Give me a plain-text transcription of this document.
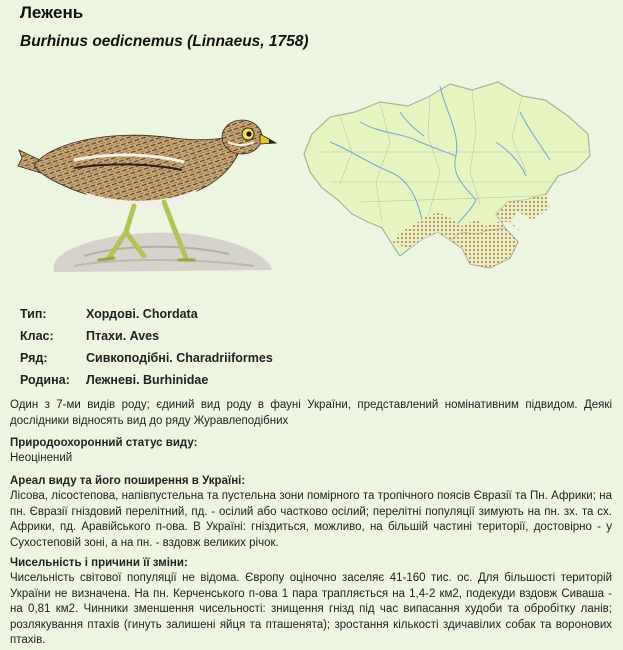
Лежень
Burhinus oedicnemus (Linnaeus, 1758)
Тип:	Хордові. Chordata
Клас:	Птахи. Aves
Ряд:	Сивкоподібні. Charadriiformes
Родина:	Лежневі. Burhinidae
Один з 7-ми видів роду; єдиний вид роду в фауні України, представлений номінативним підвидом. Деякі дослідники відносять вид до ряду Журавлеподібних
Природоохоронний статус виду:
Неоцінений
Ареал виду та його поширення в Україні:
Лісова, лісостепова, напівпустельна та пустельна зони помірного та тропічного поясів Євразії та Пн. Африки; на пн. Євразії гніздовий перелітний, пд. - осілий або частково осілий; перелітні популяції зимують на пн. зх. та сх. Африки, пд. Аравійського п-ова. В Україні: гніздиться, можливо, на більшій частині території, достовірно - у Сухостеповій зоні, а на пн. - вздовж великих річок.
Чисельність і причини її зміни:
Чисельність світової популяції не відома. Європу оціночно заселяє 41-160 тис. ос. Для більшості територій України не визначена. На пн. Керченського п-ова 1 пара трапляється на 1,4-2 км2, подекуди вздовж Сиваша - на 0,81 км2. Чинники зменшення чисельності: знищення гнізд під час випасання худоби та обробітку ланів; розлякування птахів (гинуть залишені яйця та пташенята); зростання кількості здичавілих собак та воронових птахів.
